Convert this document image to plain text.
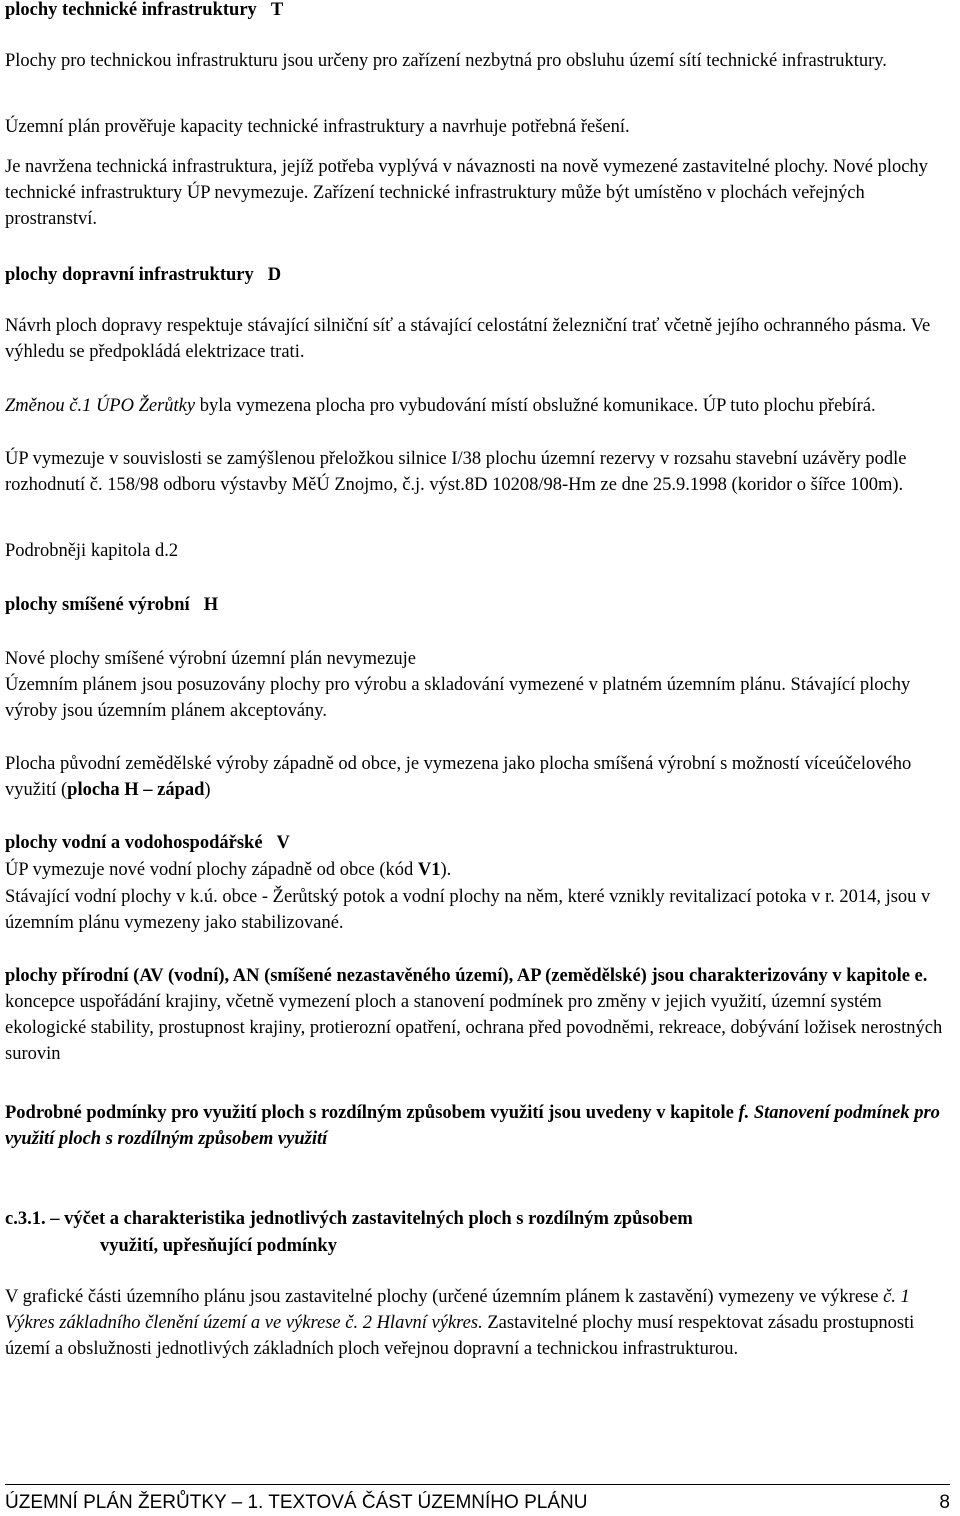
plochy technické infrastruktury T

Plochy pro technickou infrastrukturu jsou určeny pro zařízení nezbytná pro obsluhu území sítí technické infrastruktury.

Územní plán prověřuje kapacity technické infrastruktury a navrhuje potřebná řešení.

Je navržena technická infrastruktura, jejíž potřeba vyplývá v návaznosti na nově vymezené zastavitelné plochy. Nové plochy technické infrastruktury ÚP nevymezuje. Zařízení technické infrastruktury může být umístěno v plochách veřejných prostranství.

plochy dopravní infrastruktury D

Návrh ploch dopravy respektuje stávající silniční síť a stávající celostátní železniční trať včetně jejího ochranného pásma. Ve výhledu se předpokládá elektrizace trati.

Změnou č.1 ÚPO Žerůtky byla vymezena plocha pro vybudování místí obslužné komunikace. ÚP tuto plochu přebírá.

ÚP vymezuje v souvislosti se zamýšlenou přeložkou silnice I/38 plochu územní rezervy v rozsahu stavební uzávěry podle rozhodnutí č. 158/98 odboru výstavby MěÚ Znojmo, č.j. výst.8D 10208/98-Hm ze dne 25.9.1998 (koridor o šířce 100m).

Podrobněji kapitola d.2

plochy smíšené výrobní H

Nové plochy smíšené výrobní územní plán nevymezuje

Územním plánem jsou posuzovány plochy pro výrobu a skladování vymezené v platném územním plánu. Stávající plochy výroby jsou územním plánem akceptovány.

Plocha původní zemědělské výroby západně od obce, je vymezena jako plocha smíšená výrobní s možností víceúčelového využití (plocha H – západ)

plochy vodní a vodohospodářské V

ÚP vymezuje nové vodní plochy západně od obce (kód V1).

Stávající vodní plochy v k.ú. obce - Žerůtský potok a vodní plochy na něm, které vznikly revitalizací potoka v r. 2014, jsou v územním plánu vymezeny jako stabilizované.

plochy přírodní (AV (vodní), AN (smíšené nezastavěného území), AP (zemědělské) jsou charakterizovány v kapitole e. koncepce uspořádání krajiny, včetně vymezení ploch a stanovení podmínek pro změny v jejich využití, územní systém ekologické stability, prostupnost krajiny, protierozní opatření, ochrana před povodněmi, rekreace, dobývání ložisek nerostných surovin

Podrobné podmínky pro využití ploch s rozdílným způsobem využití jsou uvedeny v kapitole f. Stanovení podmínek pro využití ploch s rozdílným způsobem využití

c.3.1. – výčet a charakteristika jednotlivých zastavitelných ploch s rozdílným způsobem

využití, upřesňující podmínky

V grafické části územního plánu jsou zastavitelné plochy (určené územním plánem k zastavění) vymezeny ve výkrese č. 1 Výkres základního členění území a ve výkrese č. 2 Hlavní výkres. Zastavitelné plochy musí respektovat zásadu prostupnosti území a obslužnosti jednotlivých základních ploch veřejnou dopravní a technickou infrastrukturou.

ÚZEMNÍ PLÁN ŽERŮTKY – 1. TEXTOVÁ ČÁST ÚZEMNÍHO PLÁNU	8
